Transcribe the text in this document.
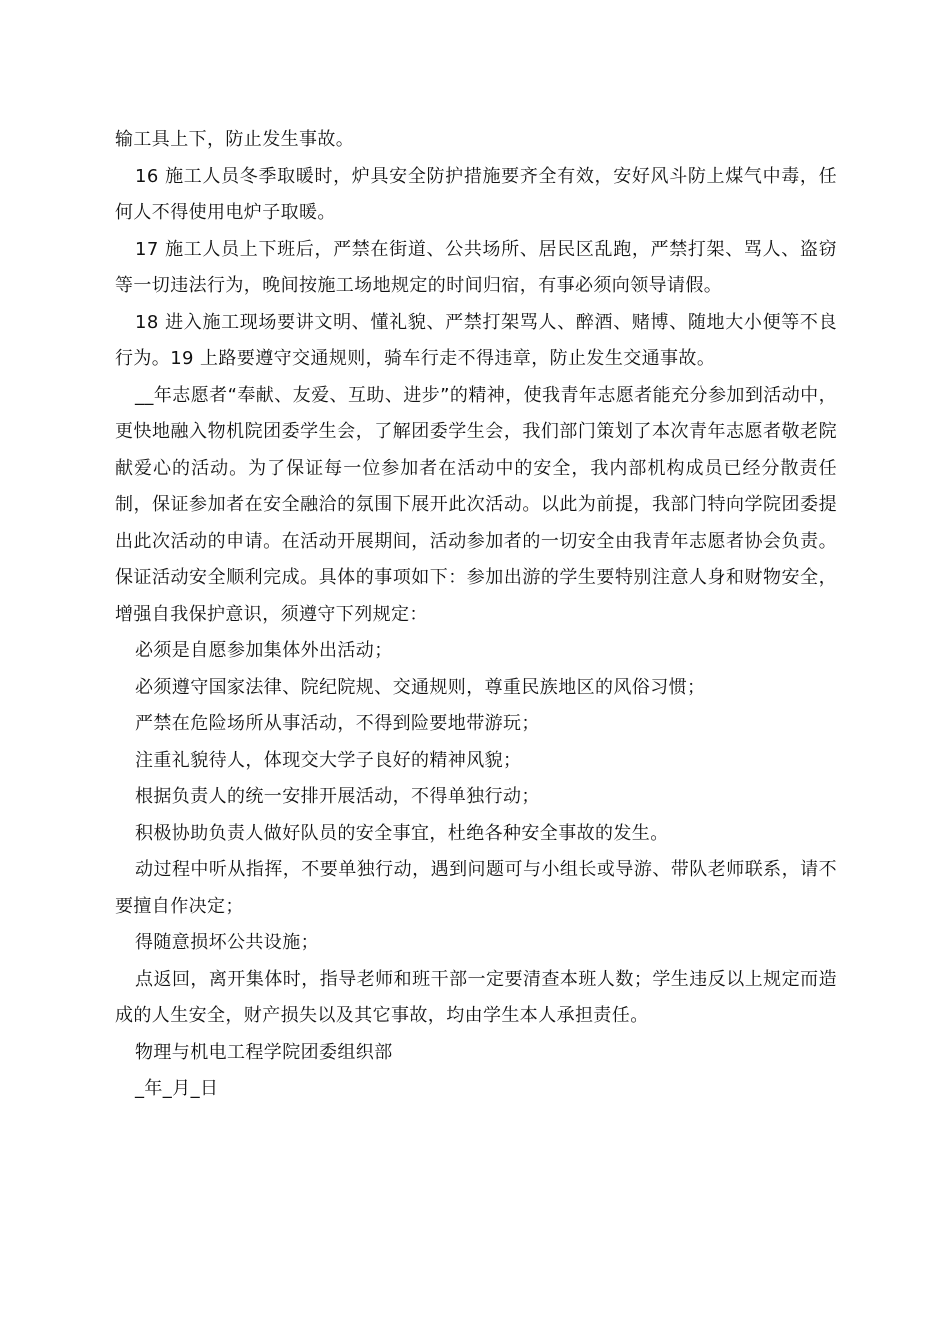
输工具上下，防止发生事故。

16 施工人员冬季取暖时，炉具安全防护措施要齐全有效，安好风斗防上煤气中毒，任何人不得使用电炉子取暖。

17 施工人员上下班后，严禁在街道、公共场所、居民区乱跑，严禁打架、骂人、盗窃等一切违法行为，晚间按施工场地规定的时间归宿，有事必须向领导请假。

18 进入施工现场要讲文明、懂礼貌、严禁打架骂人、醉酒、赌博、随地大小便等不良行为。19 上路要遵守交通规则，骑车行走不得违章，防止发生交通事故。

__年志愿者“奉献、友爱、互助、进步”的精神，使我青年志愿者能充分参加到活动中，更快地融入物机院团委学生会，了解团委学生会，我们部门策划了本次青年志愿者敬老院献爱心的活动。为了保证每一位参加者在活动中的安全，我内部机构成员已经分散责任制，保证参加者在安全融洽的氛围下展开此次活动。以此为前提，我部门特向学院团委提出此次活动的申请。在活动开展期间，活动参加者的一切安全由我青年志愿者协会负责。保证活动安全顺利完成。具体的事项如下：参加出游的学生要特别注意人身和财物安全，增强自我保护意识，须遵守下列规定：

必须是自愿参加集体外出活动；

必须遵守国家法律、院纪院规、交通规则，尊重民族地区的风俗习惯；

严禁在危险场所从事活动，不得到险要地带游玩；

注重礼貌待人，体现交大学子良好的精神风貌；

根据负责人的统一安排开展活动，不得单独行动；

积极协助负责人做好队员的安全事宜，杜绝各种安全事故的发生。

动过程中听从指挥，不要单独行动，遇到问题可与小组长或导游、带队老师联系，请不要擅自作决定；

得随意损坏公共设施；

点返回，离开集体时，指导老师和班干部一定要清查本班人数；学生违反以上规定而造成的人生安全，财产损失以及其它事故，均由学生本人承担责任。

物理与机电工程学院团委组织部

_年_月_日
